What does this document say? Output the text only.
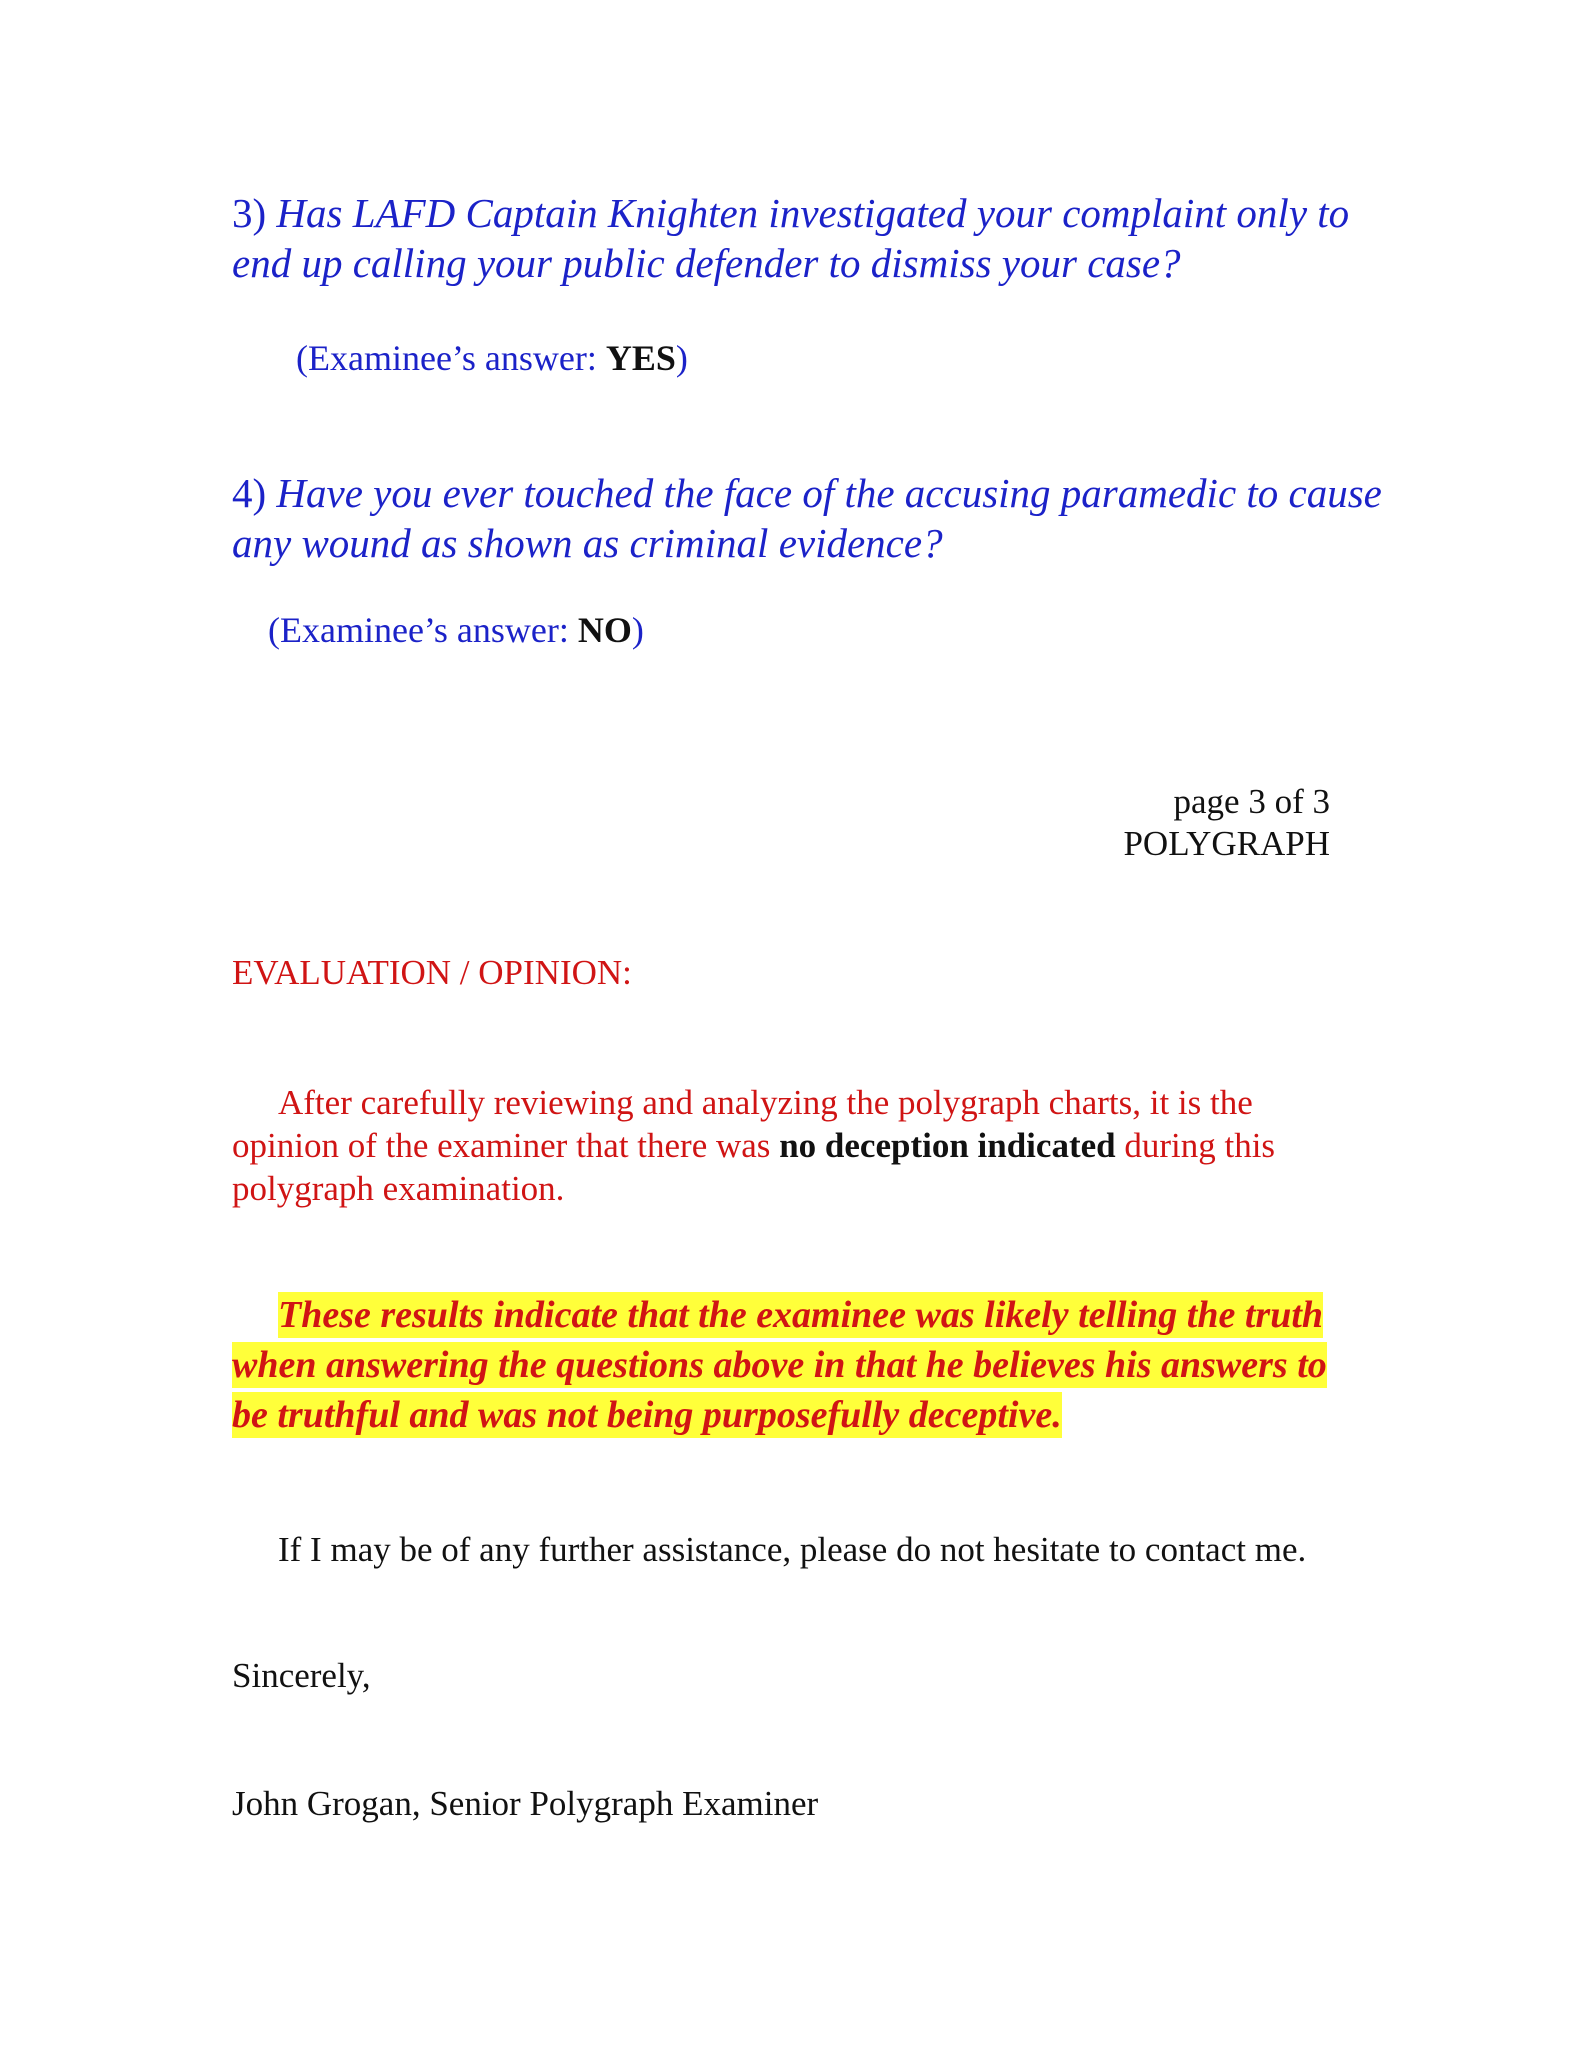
3) Has LAFD Captain Knighten investigated your complaint only to end up calling your public defender to dismiss your case?

(Examinee’s answer: YES)

4) Have you ever touched the face of the accusing paramedic to cause any wound as shown as criminal evidence?

(Examinee’s answer: NO)

page 3 of 3
POLYGRAPH

EVALUATION / OPINION:

After carefully reviewing and analyzing the polygraph charts, it is the opinion of the examiner that there was no deception indicated during this polygraph examination.

These results indicate that the examinee was likely telling the truth when answering the questions above in that he believes his answers to be truthful and was not being purposefully deceptive.

If I may be of any further assistance, please do not hesitate to contact me.

Sincerely,

John Grogan, Senior Polygraph Examiner
